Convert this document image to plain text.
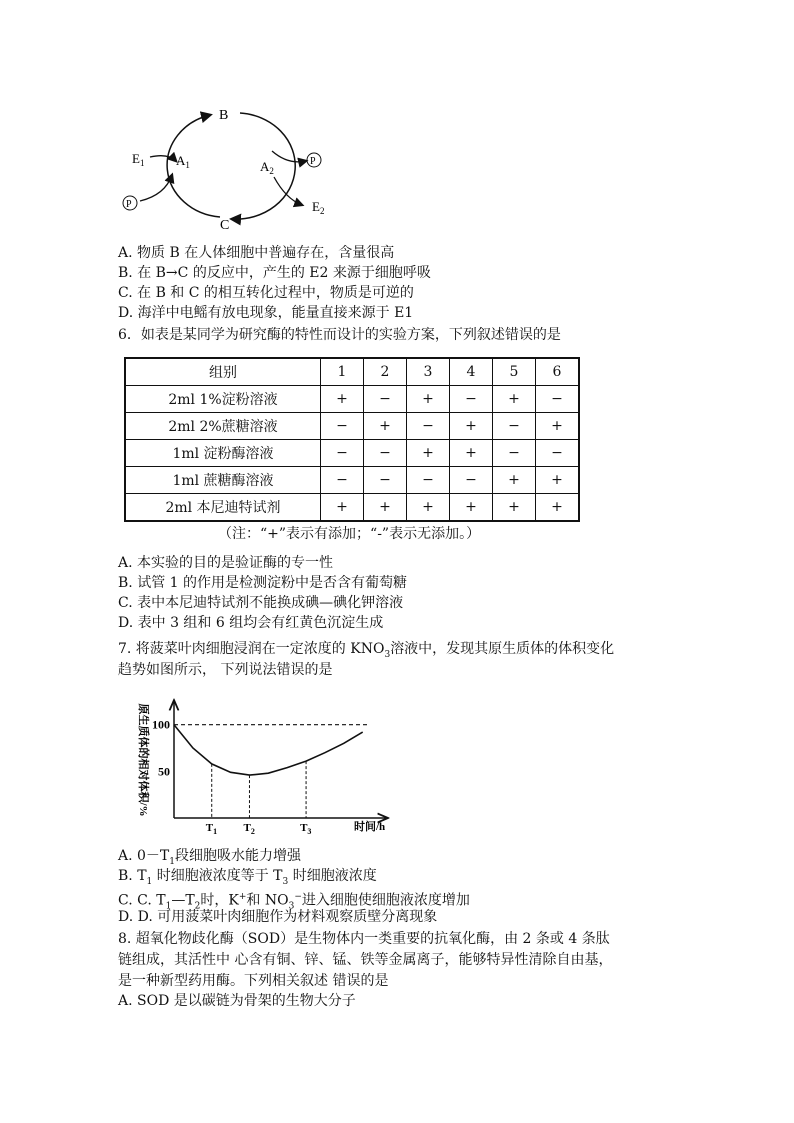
B
C
$A_1$	$A_2$
$E_1$
$E_2$
P
P
A. 物质 B 在人体细胞中普遍存在，含量很高
B. 在 B→C 的反应中，产生的 E2 来源于细胞呼吸
C. 在 B 和 C 的相互转化过程中，物质是可逆的
D. 海洋中电鳐有放电现象，能量直接来源于 E1
6．如表是某同学为研究酶的特性而设计的实验方案，下列叙述错误的是
组别	1	2	3	4	5	6
2ml 1%淀粉溶液	+	−	+	−	+	−
2ml 2%蔗糖溶液	−	+	−	+	−	+
1ml 淀粉酶溶液	−	−	+	+	−	−
1ml 蔗糖酶溶液	−	−	−	−	+	+
2ml 本尼迪特试剂	+	+	+	+	+	+
（注：“+”表示有添加；“-”表示无添加。）
A. 本实验的目的是验证酶的专一性
B. 试管 1 的作用是检测淀粉中是否含有葡萄糖
C. 表中本尼迪特试剂不能换成碘—碘化钾溶液
D. 表中 3 组和 6 组均会有红黄色沉淀生成
7. 将菠菜叶肉细胞浸润在一定浓度的 $KNO_3$溶液中，发现其原生质体的体积变化
趋势如图所示， 下列说法错误的是
原生质体的相对体积/% 100
50
$T_1$ $T_2$	$T_3$	时间/h
A. $0-T_1$段细胞吸水能力增强
B. $T_1$ 时细胞液浓度等于 $T_3$ 时细胞液浓度
C. C. $T_1—T_2$时，K+和 $NO_3^-$进入细胞使细胞液浓度增加
D. D. 可用菠菜叶肉细胞作为材料观察质壁分离现象
8. 超氧化物歧化酶（SOD）是生物体内一类重要的抗氧化酶，由 2 条或 4 条肽
链组成，其活性中 心含有铜、锌、锰、铁等金属离子，能够特异性清除自由基，
是一种新型药用酶。下列相关叙述 错误的是
A. SOD 是以碳链为骨架的生物大分子
